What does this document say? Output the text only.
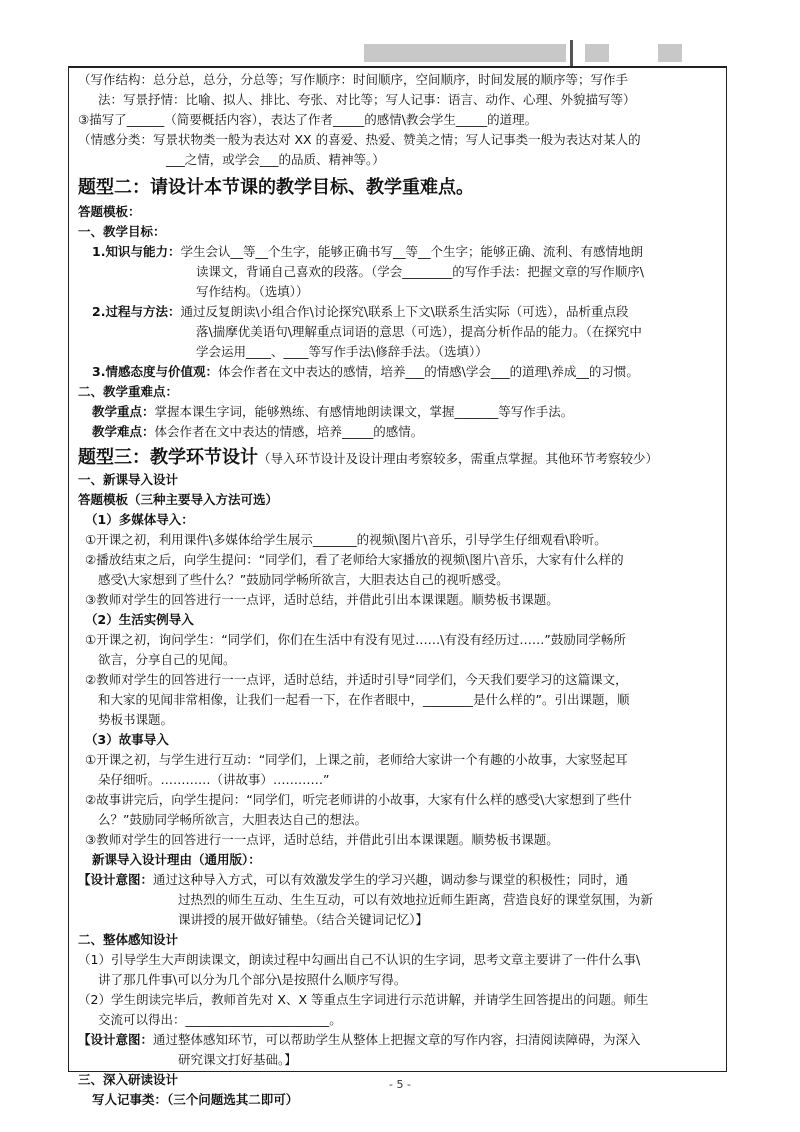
（写作结构：总分总，总分，分总等；写作顺序：时间顺序，空间顺序，时间发展的顺序等；写作手
法：写景抒情：比喻、拟人、排比、夸张、对比等；写人记事：语言、动作、心理、外貌描写等）
③描写了______（简要概括内容），表达了作者_____的感情\教会学生_____的道理。
（情感分类：写景状物类一般为表达对 XX 的喜爱、热爱、赞美之情；写人记事类一般为表达对某人的
___之情，或学会___的品质、精神等。）
题型二：请设计本节课的教学目标、教学重难点。
答题模板：
一、教学目标：
1.知识与能力：学生会认__等__个生字，能够正确书写__等__个生字；能够正确、流利、有感情地朗
读课文，背诵自己喜欢的段落。（学会________的写作手法：把握文章的写作顺序\
写作结构。（选填））
2.过程与方法：通过反复朗读\小组合作\讨论探究\联系上下文\联系生活实际（可选），品析重点段
落\揣摩优美语句\理解重点词语的意思（可选），提高分析作品的能力。（在探究中
学会运用____、____等写作手法\修辞手法。（选填））
3.情感态度与价值观：体会作者在文中表达的感情，培养___的情感\学会___的道理\养成__的习惯。
二、教学重难点：
教学重点：掌握本课生字词，能够熟练、有感情地朗读课文，掌握_______等写作手法。
教学难点：体会作者在文中表达的情感，培养_____的感情。
题型三：教学环节设计（导入环节设计及设计理由考察较多，需重点掌握。其他环节考察较少）
一、新课导入设计
答题模板（三种主要导入方法可选）
（1）多媒体导入：
①开课之初，利用课件\多媒体给学生展示_______的视频\图片\音乐，引导学生仔细观看\聆听。
②播放结束之后，向学生提问：“同学们，看了老师给大家播放的视频\图片\音乐，大家有什么样的
感受\大家想到了些什么？”鼓励同学畅所欲言，大胆表达自己的视听感受。
③教师对学生的回答进行一一点评，适时总结，并借此引出本课课题。顺势板书课题。
（2）生活实例导入
①开课之初，询问学生：“同学们，你们在生活中有没有见过……\有没有经历过……”鼓励同学畅所
欲言，分享自己的见闻。
②教师对学生的回答进行一一点评，适时总结，并适时引导“同学们，今天我们要学习的这篇课文，
和大家的见闻非常相像，让我们一起看一下，在作者眼中，________是什么样的”。引出课题，顺
势板书课题。
（3）故事导入
①开课之初，与学生进行互动：“同学们，上课之前，老师给大家讲一个有趣的小故事，大家竖起耳
朵仔细听。…………（讲故事）…………”
②故事讲完后，向学生提问：“同学们，听完老师讲的小故事，大家有什么样的感受\大家想到了些什
么？”鼓励同学畅所欲言，大胆表达自己的想法。
③教师对学生的回答进行一一点评，适时总结，并借此引出本课课题。顺势板书课题。
新课导入设计理由（通用版）：
【设计意图：通过这种导入方式，可以有效激发学生的学习兴趣，调动参与课堂的积极性；同时，通
过热烈的师生互动、生生互动，可以有效地拉近师生距离，营造良好的课堂氛围，为新
课讲授的展开做好铺垫。（结合关键词记忆）】
二、整体感知设计
（1）引导学生大声朗读课文，朗读过程中勾画出自己不认识的生字词，思考文章主要讲了一件什么事\
讲了那几件事\可以分为几个部分\是按照什么顺序写得。
（2）学生朗读完毕后，教师首先对 X、X 等重点生字词进行示范讲解，并请学生回答提出的问题。师生
交流可以得出：_______________________。
【设计意图：通过整体感知环节，可以帮助学生从整体上把握文章的写作内容，扫清阅读障碍，为深入
研究课文打好基础。】
三、深入研读设计
写人记事类：（三个问题选其二即可）
- 5 -
